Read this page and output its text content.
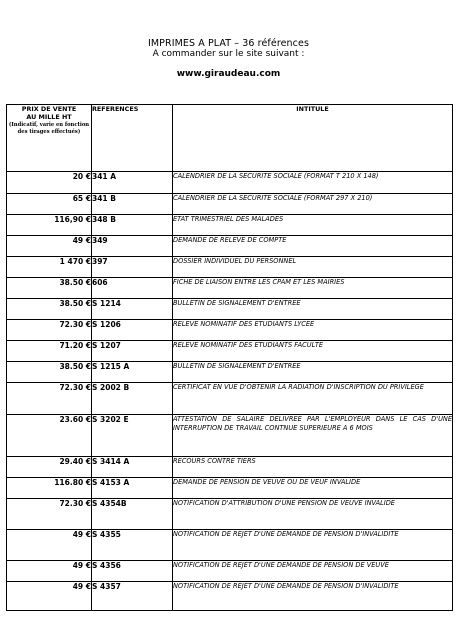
IMPRIMES A PLAT – 36 références
A commander sur le site suivant :
www.giraudeau.com
PRIX DE VENTE
AU MILLE HT
(Indicatif, varie en fonction des tirages effectués)	REFERENCES	INTITULE
20 €	341 A	CALENDRIER DE LA SECURITE SOCIALE (FORMAT T 210 X 148)
65 €	341 B	CALENDRIER DE LA SECURITE SOCIALE (FORMAT 297 X 210)
116,90 €	348 B	ETAT TRIMESTRIEL DES MALADES
49 €	349	DEMANDE DE RELEVE DE COMPTE
1 470 €	397	DOSSIER INDIVIDUEL DU PERSONNEL
38.50 €	606	FICHE DE LIAISON ENTRE LES CPAM ET LES MAIRIES
38.50 €	S 1214	BULLETIN DE SIGNALEMENT D'ENTREE
72.30 €	S 1206	RELEVE NOMINATIF DES ETUDIANTS LYCEE
71.20 €	S 1207	RELEVE NOMINATIF DES ETUDIANTS FACULTE
38.50 €	S 1215 A	BULLETIN DE SIGNALEMENT D'ENTREE
72.30 €	S 2002 B	CERTIFICAT EN VUE D'OBTENIR LA RADIATION D'INSCRIPTION DU PRIVILEGE
23.60 €	S 3202 E	ATTESTATION DE SALAIRE DELIVREE PAR L'EMPLOYEUR DANS LE CAS D'UNE INTERRUPTION DE TRAVAIL CONTNUE SUPERIEURE A 6 MOIS
29.40 €	S 3414 A	RECOURS CONTRE TIERS
116.80 €	S 4153 A	DEMANDE DE PENSION DE VEUVE OU DE VEUF INVALIDE
72.30 €	S 4354B	NOTIFICATION D'ATTRIBUTION D'UNE PENSION DE VEUVE INVALIDE
49 €	S 4355	NOTIFICATION DE REJET D'UNE DEMANDE DE PENSION D'INVALIDITE
49 €	S 4356	NOTIFICATION DE REJET D'UNE DEMANDE DE PENSION DE VEUVE
49 €	S 4357	NOTIFICATION DE REJET D'UNE DEMANDE DE PENSION D'INVALIDITE
